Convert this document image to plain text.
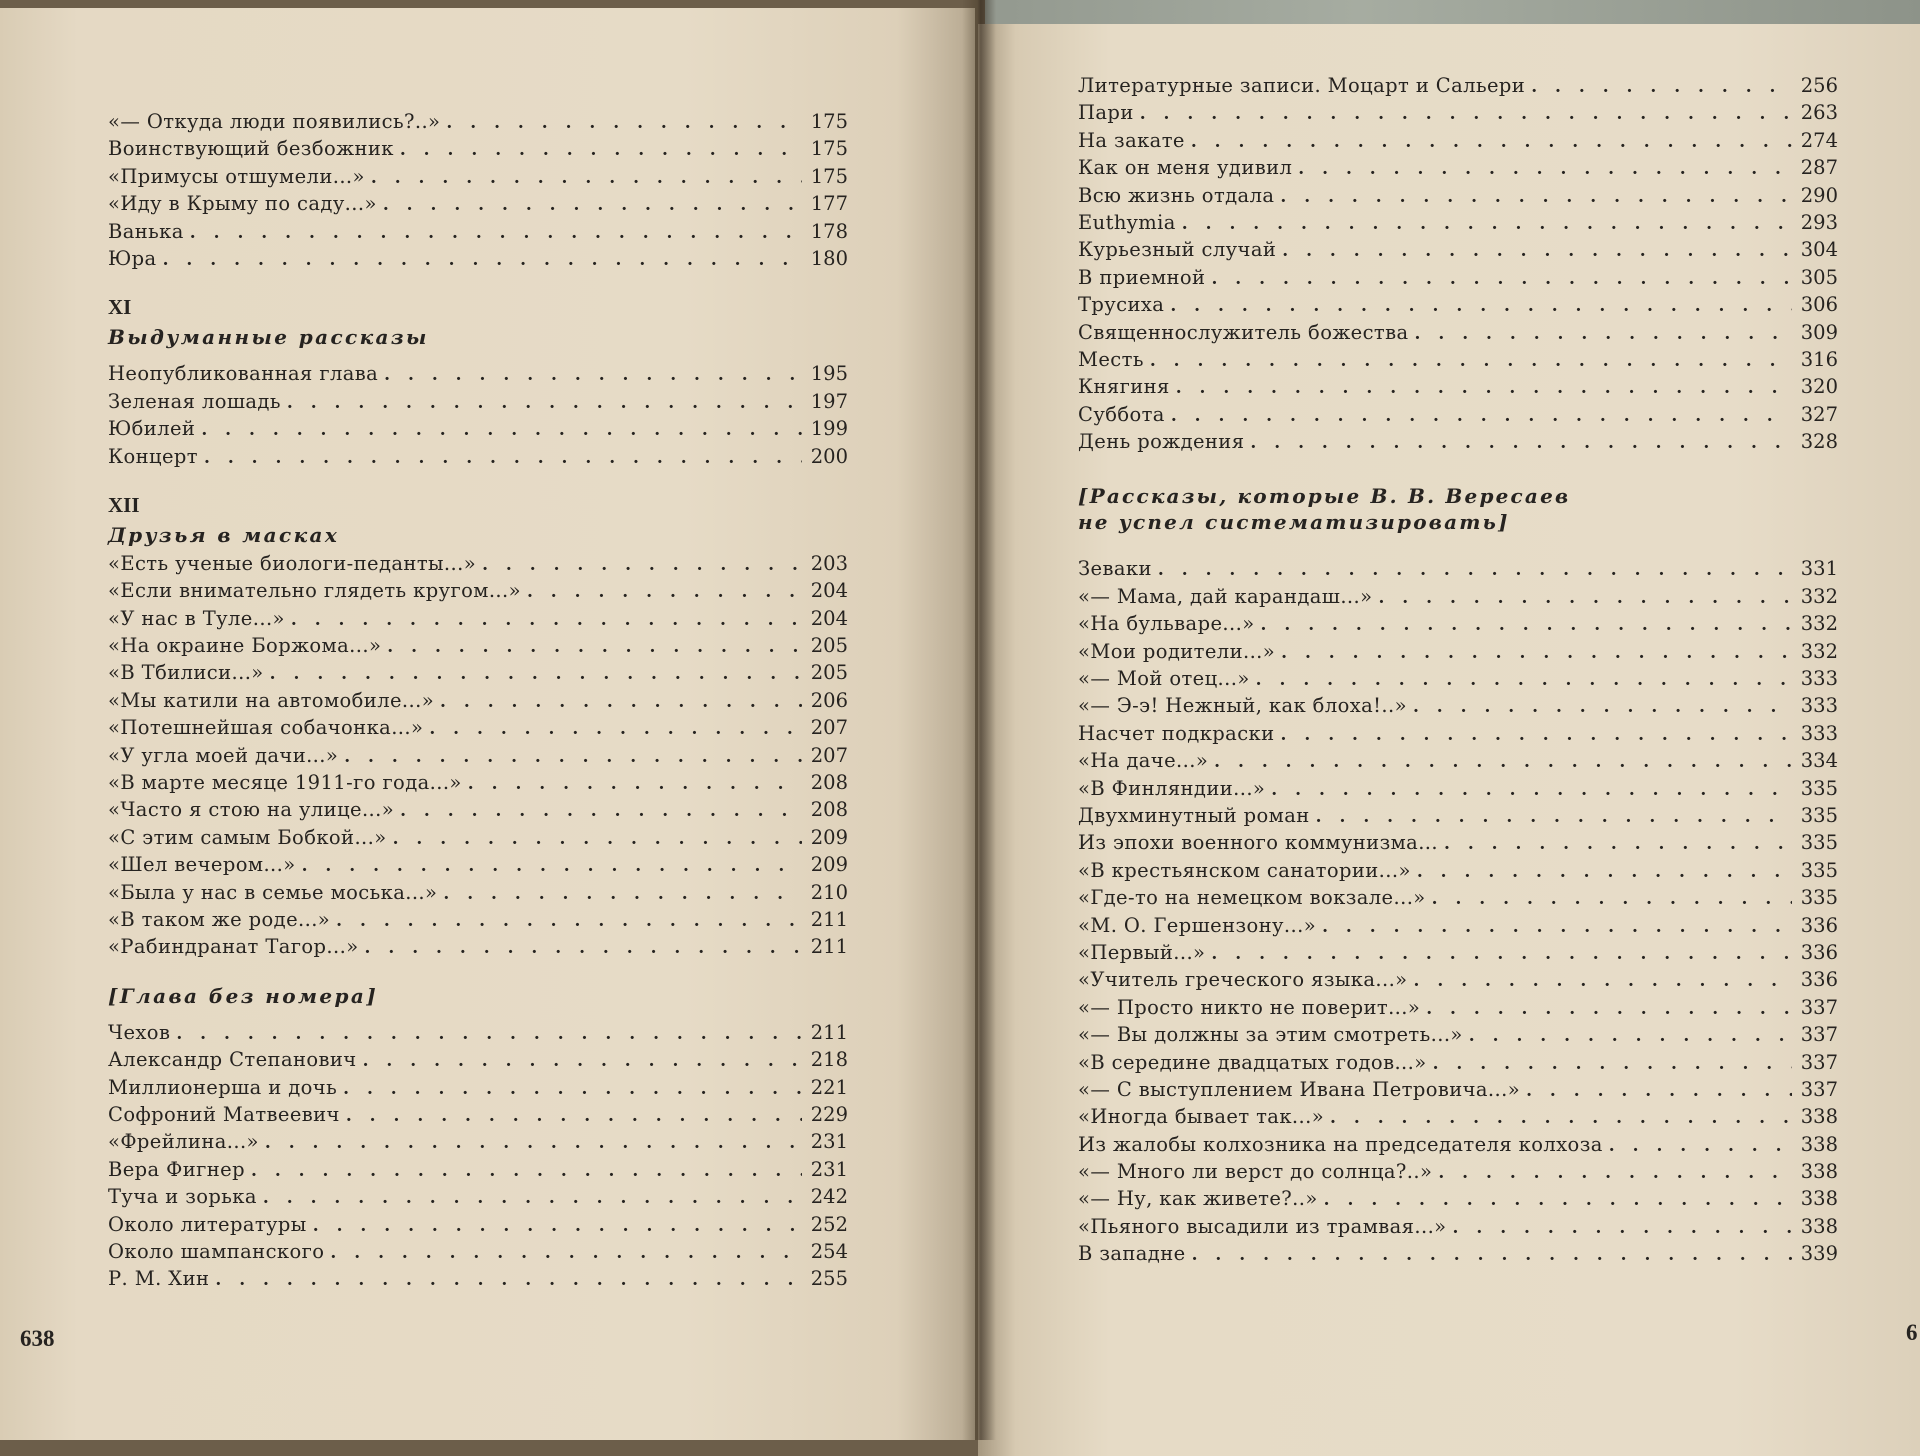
«— Откуда люди появились?..» . . .	175
Воинствующий безбожник . . .	175
«Примусы отшумели...» . . .	175
«Иду в Крыму по саду...» . . .	177
Ванька . . .	178
Юра . . .	180
XI
Выдуманные рассказы
Неопубликованная глава . . .	195
Зеленая лошадь . . .	197
Юбилей . . .	199
Концерт . . .	200
XII
Друзья в масках
«Есть ученые биологи-педанты...» . . .	203
«Если внимательно глядеть кругом...» . . .	204
«У нас в Туле...» . . .	204
«На окраине Боржома...» . . .	205
«В Тбилиси...» . . .	205
«Мы катили на автомобиле...» . . .	206
«Потешнейшая собачонка...» . . .	207
«У угла моей дачи...» . . .	207
«В марте месяце 1911-го года...» . . .	208
«Часто я стою на улице...» . . .	208
«С этим самым Бобкой...» . . .	209
«Шел вечером...» . . .	209
«Была у нас в семье моська...» . . .	210
«В таком же роде...» . . .	211
«Рабиндранат Тагор...» . . .	211
[Глава без номера]
Чехов . . .	211
Александр Степанович . . .	218
Миллионерша и дочь . . .	221
Софроний Матвеевич . . .	229
«Фрейлина...» . . .	231
Вера Фигнер . . .	231
Туча и зорька . . .	242
Около литературы . . .	252
Около шампанского . . .	254
Р. М. Хин . . .	255
638
Литературные записи. Моцарт и Сальери . . .	256
Пари . . .	263
На закате . . .	274
Как он меня удивил . . .	287
Всю жизнь отдала . . .	290
Euthymia . . .	293
Курьезный случай . . .	304
В приемной . . .	305
Трусиха . . .	306
Священнослужитель божества . . .	309
Месть . . .	316
Княгиня . . .	320
Суббота . . .	327
День рождения . . .	328
[Рассказы, которые В. В. Вересаев
не успел систематизировать]
Зеваки . . .	331
«— Мама, дай карандаш...» . . .	332
«На бульваре...» . . .	332
«Мои родители...» . . .	332
«— Мой отец...» . . .	333
«— Э-э! Нежный, как блоха!..» . . .	333
Насчет подкраски . . .	333
«На даче...» . . .	334
«В Финляндии...» . . .	335
Двухминутный роман . . .	335
Из эпохи военного коммунизма... . . .	335
«В крестьянском санатории...» . . .	335
«Где-то на немецком вокзале...» . . .	335
«М. О. Гершензону...» . . .	336
«Первый...» . . .	336
«Учитель греческого языка...» . . .	336
«— Просто никто не поверит...» . . .	337
«— Вы должны за этим смотреть...» . . .	337
«В середине двадцатых годов...» . . .	337
«— С выступлением Ивана Петровича...» . . .	337
«Иногда бывает так...» . . .	338
Из жалобы колхозника на председателя колхоза . . .	338
«— Много ли верст до солнца?..» . . .	338
«— Ну, как живете?..» . . .	338
«Пьяного высадили из трамвая...» . . .	338
В западне . . .	339
6
